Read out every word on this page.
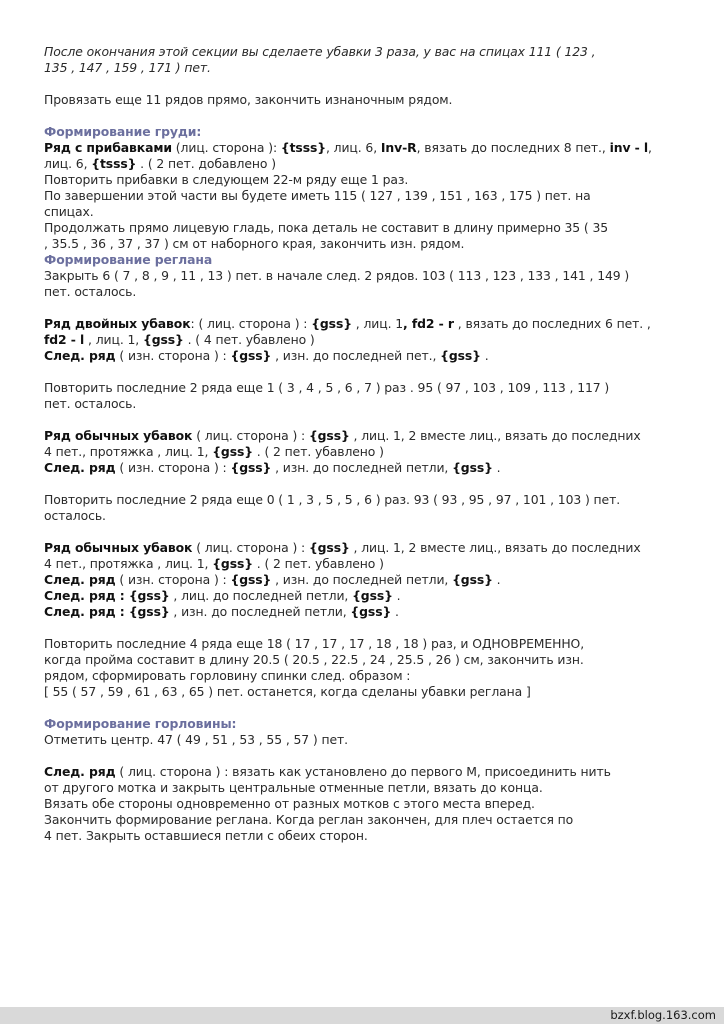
После окончания этой секции вы сделаете убавки 3 раза, у вас на спицах 111 ( 123 ,
135 , 147 , 159 , 171 ) пет.
Провязать еще 11 рядов прямо, закончить изнаночным рядом.
Формирование груди:
Ряд с прибавками (лиц. сторона ): {tsss}, лиц. 6, Inv-R, вязать до последних 8 пет., inv - l,
лиц. 6, {tsss} . ( 2 пет. добавлено )
Повторить прибавки в следующем 22-м ряду еще 1 раз.
По завершении этой части вы будете иметь 115 ( 127 , 139 , 151 , 163 , 175 ) пет. на
спицах.
Продолжать прямо лицевую гладь, пока деталь не составит в длину примерно 35 ( 35
, 35.5 , 36 , 37 , 37 ) см от наборного края, закончить изн. рядом.
Формирование реглана
Закрыть 6 ( 7 , 8 , 9 , 11 , 13 ) пет. в начале след. 2 рядов. 103 ( 113 , 123 , 133 , 141 , 149 )
пет. осталось.
Ряд двойных убавок: ( лиц. сторона ) : {gss} , лиц. 1, fd2 - r , вязать до последних 6 пет. ,
fd2 - l , лиц. 1, {gss} . ( 4 пет. убавлено )
След. ряд ( изн. сторона ) : {gss} , изн. до последней пет., {gss} .
Повторить последние 2 ряда еще 1 ( 3 , 4 , 5 , 6 , 7 ) раз . 95 ( 97 , 103 , 109 , 113 , 117 )
пет. осталось.
Ряд обычных убавок ( лиц. сторона ) : {gss} , лиц. 1, 2 вместе лиц., вязать до последних
4 пет., протяжка , лиц. 1, {gss} . ( 2 пет. убавлено )
След. ряд ( изн. сторона ) : {gss} , изн. до последней петли, {gss} .
Повторить последние 2 ряда еще 0 ( 1 , 3 , 5 , 5 , 6 ) раз. 93 ( 93 , 95 , 97 , 101 , 103 ) пет.
осталось.
Ряд обычных убавок ( лиц. сторона ) : {gss} , лиц. 1, 2 вместе лиц., вязать до последних
4 пет., протяжка , лиц. 1, {gss} . ( 2 пет. убавлено )
След. ряд ( изн. сторона ) : {gss} , изн. до последней петли, {gss} .
След. ряд : {gss} , лиц. до последней петли, {gss} .
След. ряд : {gss} , изн. до последней петли, {gss} .
Повторить последние 4 ряда еще 18 ( 17 , 17 , 17 , 18 , 18 ) раз, и ОДНОВРЕМЕННО,
когда пройма составит в длину 20.5 ( 20.5 , 22.5 , 24 , 25.5 , 26 ) см, закончить изн.
рядом, сформировать горловину спинки след. образом :
[ 55 ( 57 , 59 , 61 , 63 , 65 ) пет. останется, когда сделаны убавки реглана ]
Формирование горловины:
Отметить центр. 47 ( 49 , 51 , 53 , 55 , 57 ) пет.
След. ряд ( лиц. сторона ) : вязать как установлено до первого М, присоединить нить
от другого мотка и закрыть центральные отменные петли, вязать до конца.
Вязать обе стороны одновременно от разных мотков с этого места вперед.
Закончить формирование реглана. Когда реглан закончен, для плеч остается по
4 пет. Закрыть оставшиеся петли с обеих сторон.
bzxf.blog.163.com
